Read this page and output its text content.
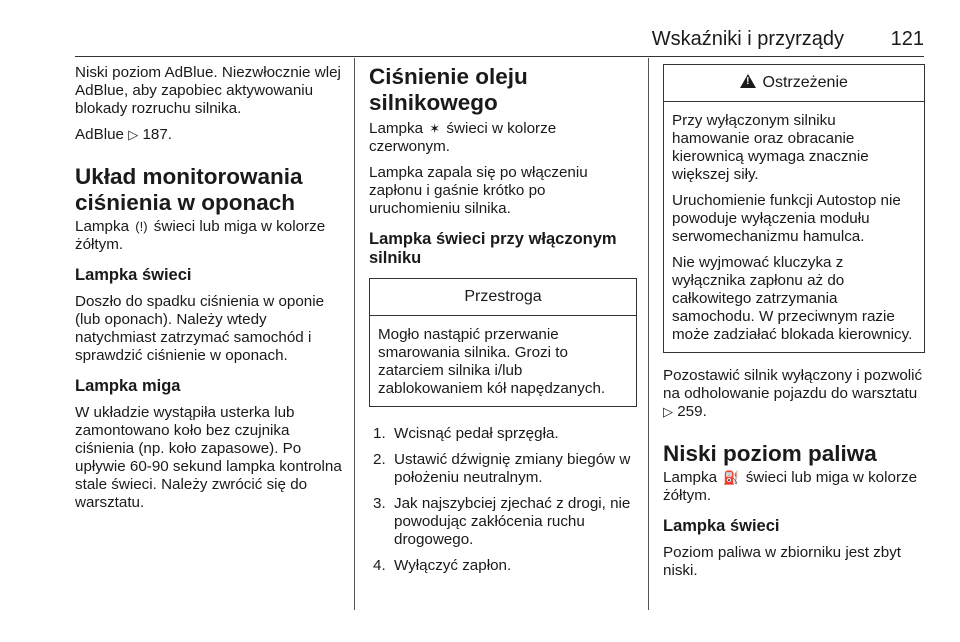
Wskaźniki i przyrządy 121

Niski poziom AdBlue. Niezwłocznie wlej AdBlue, aby zapobiec aktywowaniu blokady rozruchu silnika.

AdBlue ▷ 187.

Układ monitorowania ciśnienia w oponach

Lampka (!) świeci lub miga w kolorze żółtym.

Lampka świeci

Doszło do spadku ciśnienia w oponie (lub oponach). Należy wtedy natychmiast zatrzymać samochód i sprawdzić ciśnienie w oponach.

Lampka miga

W układzie wystąpiła usterka lub zamontowano koło bez czujnika ciśnienia (np. koło zapasowe). Po upływie 60-90 sekund lampka kontrolna stale świeci. Należy zwrócić się do warsztatu.

Ciśnienie oleju silnikowego

Lampka ✶ świeci w kolorze czerwonym.

Lampka zapala się po włączeniu zapłonu i gaśnie krótko po uruchomieniu silnika.

Lampka świeci przy włączonym silniku
Przestroga

Mogło nastąpić przerwanie smarowania silnika. Grozi to zatarciem silnika i/lub zablokowaniem kół napędzanych.

1. Wcisnąć pedał sprzęgła.
2. Ustawić dźwignię zmiany biegów w położeniu neutralnym.
3. Jak najszybciej zjechać z drogi, nie powodując zakłócenia ruchu drogowego.
4. Wyłączyć zapłon.
! Ostrzeżenie

Przy wyłączonym silniku hamowanie oraz obracanie kierownicą wymaga znacznie większej siły.

Uruchomienie funkcji Autostop nie powoduje wyłączenia modułu serwomechanizmu hamulca.

Nie wyjmować kluczyka z wyłącznika zapłonu aż do całkowitego zatrzymania samochodu. W przeciwnym razie może zadziałać blokada kierownicy.

Pozostawić silnik wyłączony i pozwolić na odholowanie pojazdu do warsztatu ▷ 259.

Niski poziom paliwa

Lampka ⛽ świeci lub miga w kolorze żółtym.

Lampka świeci

Poziom paliwa w zbiorniku jest zbyt niski.
